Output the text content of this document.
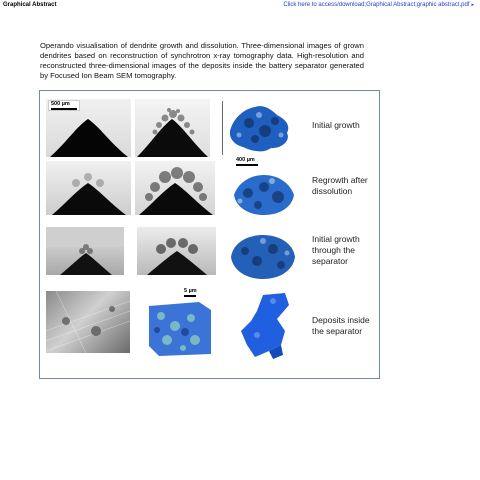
Graphical Abstract	Click here to access/download;Graphical Abstract;graphic abstract.pdf ▸
Operando visualisation of dendrite growth and dissolution. Three-dimensional images of grown dendrites based on reconstruction of synchrotron x-ray tomography data. High-resolution and reconstructed three-dimensional images of the deposits inside the battery separator generated by Focused Ion Beam SEM tomography.
500 µm
Initial growth
400 µm
Regrowth after dissolution
Initial growth through the separator
5 µm
Deposits inside the separator
